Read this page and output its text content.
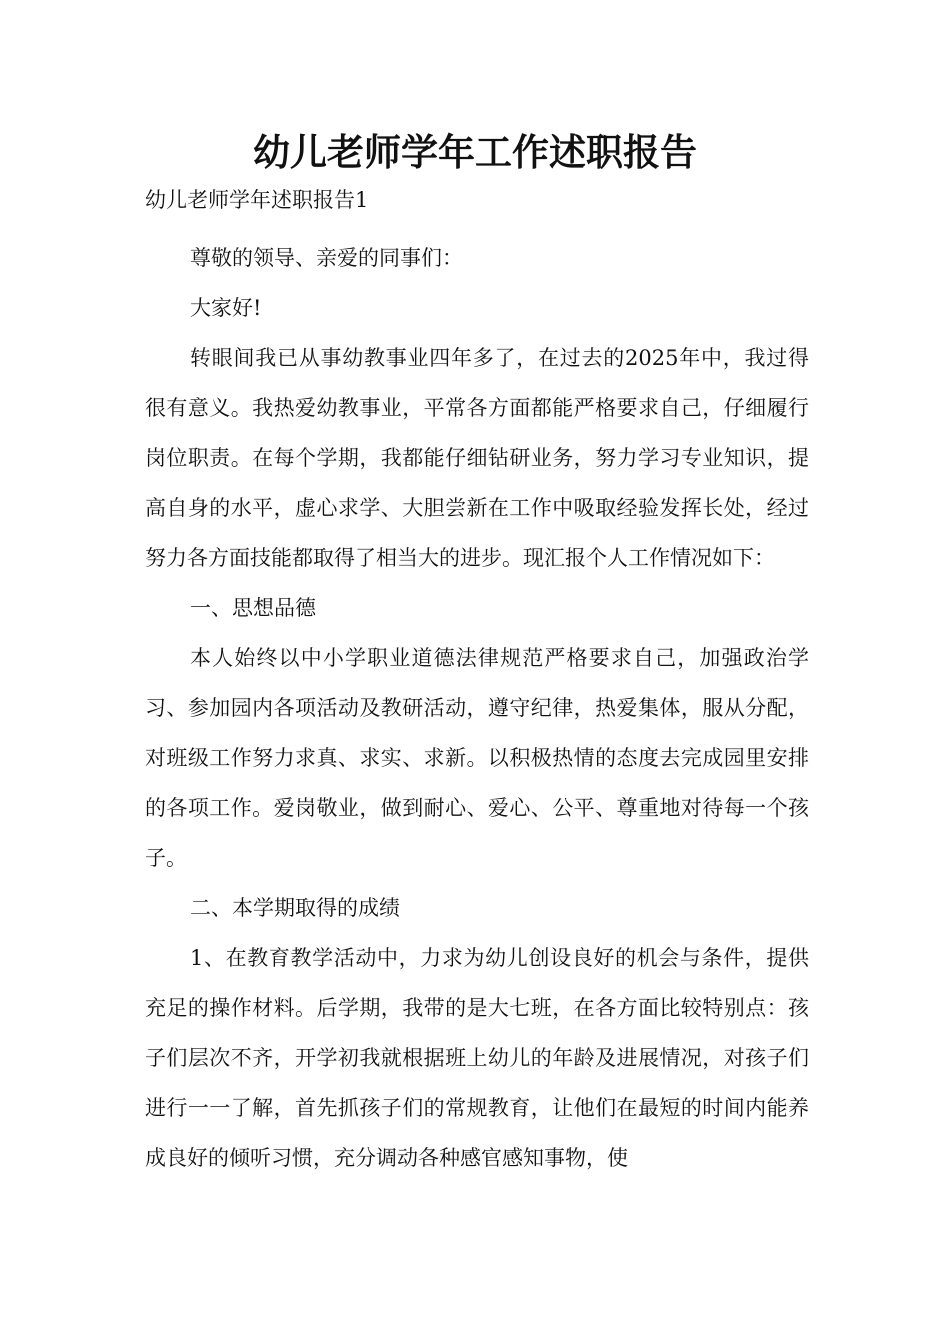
幼儿老师学年工作述职报告

幼儿老师学年述职报告1

尊敬的领导、亲爱的同事们：

大家好!

转眼间我已从事幼教事业四年多了，在过去的2025年中，我过得很有意义。我热爱幼教事业，平常各方面都能严格要求自己，仔细履行岗位职责。在每个学期，我都能仔细钻研业务，努力学习专业知识，提高自身的水平，虚心求学、大胆尝新在工作中吸取经验发挥长处，经过努力各方面技能都取得了相当大的进步。现汇报个人工作情况如下：

一、思想品德

本人始终以中小学职业道德法律规范严格要求自己，加强政治学习、参加园内各项活动及教研活动，遵守纪律，热爱集体，服从分配，对班级工作努力求真、求实、求新。以积极热情的态度去完成园里安排的各项工作。爱岗敬业，做到耐心、爱心、公平、尊重地对待每一个孩子。

二、本学期取得的成绩

1、在教育教学活动中，力求为幼儿创设良好的机会与条件，提供充足的操作材料。后学期，我带的是大七班，在各方面比较特别点：孩子们层次不齐，开学初我就根据班上幼儿的年龄及进展情况，对孩子们进行一一了解，首先抓孩子们的常规教育，让他们在最短的时间内能养成良好的倾听习惯，充分调动各种感官感知事物，使
